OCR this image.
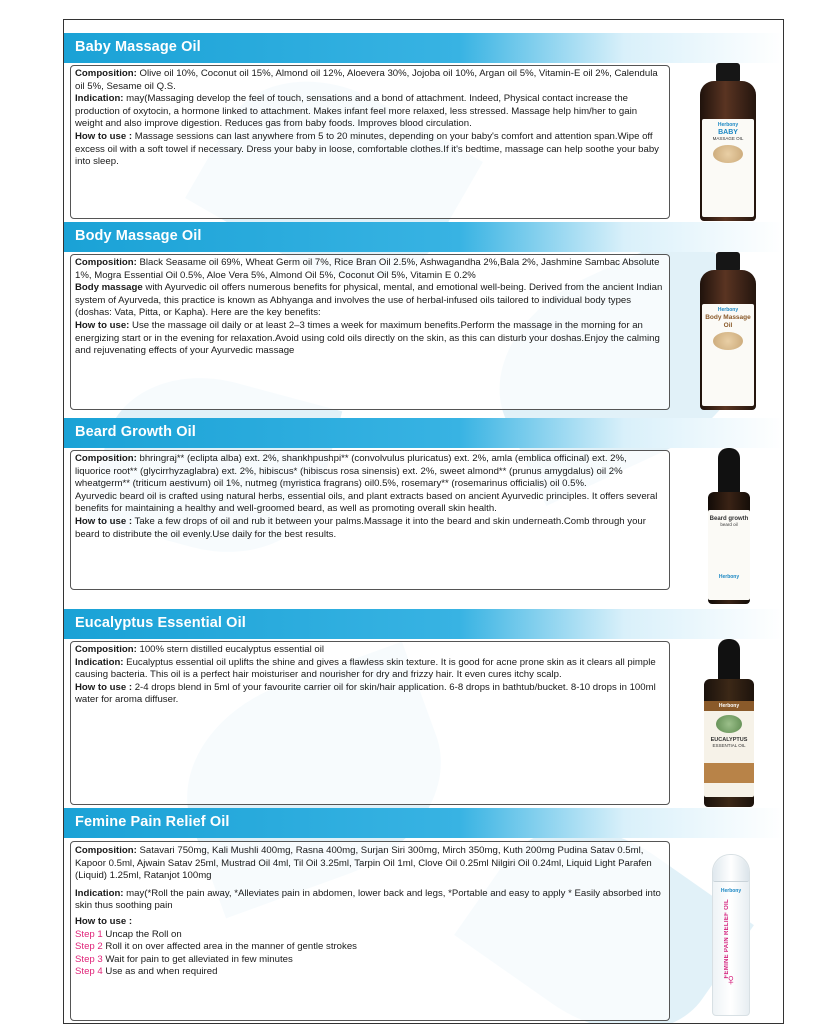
Baby Massage Oil

Composition: Olive oil 10%, Coconut oil 15%, Almond oil 12%, Aloevera 30%, Jojoba oil 10%, Argan oil 5%, Vitamin-E oil 2%, Calendula oil 5%, Sesame oil Q.S.

Indication: may(Massaging develop the feel of touch, sensations and a bond of attachment. Indeed, Physical contact increase the production of oxytocin, a hormone linked to attachment. Makes infant feel more relaxed, less stressed. Massage help him/her to gain weight and also improve digestion. Reduces gas from baby foods. Improves blood circulation.

How to use : Massage sessions can last anywhere from 5 to 20 minutes, depending on your baby's comfort and attention span.Wipe off excess oil with a soft towel if necessary. Dress your baby in loose, comfortable clothes.If it's bedtime, massage can help soothe your baby into sleep.

Herbony
BABY
MASSAGE OIL
Body Massage Oil

Composition: Black Seasame oil 69%, Wheat Germ oil 7%, Rice Bran Oil 2.5%, Ashwagandha 2%,Bala 2%, Jashmine Sambac Absolute 1%, Mogra Essential Oil 0.5%, Aloe Vera 5%, Almond Oil 5%, Coconut Oil 5%, Vitamin E 0.2%

Body massage with Ayurvedic oil offers numerous benefits for physical, mental, and emotional well-being. Derived from the ancient Indian system of Ayurveda, this practice is known as Abhyanga and involves the use of herbal-infused oils tailored to individual body types (doshas: Vata, Pitta, or Kapha). Here are the key benefits:

How to use: Use the massage oil daily or at least 2–3 times a week for maximum benefits.Perform the massage in the morning for an energizing start or in the evening for relaxation.Avoid using cold oils directly on the skin, as this can disturb your doshas.Enjoy the calming and rejuvenating effects of your Ayurvedic massage

Herbony
Body Massage
Oil
Beard Growth Oil

Composition: bhringraj** (eclipta alba) ext. 2%, shankhpushpi** (convolvulus pluricatus) ext. 2%, amla (emblica officinal) ext. 2%, liquorice root** (glycirrhyzaglabra) ext. 2%, hibiscus* (hibiscus rosa sinensis) ext. 2%, sweet almond** (prunus amygdalus) oil 2% wheatgerm** (triticum aestivum) oil 1%, nutmeg (myristica fragrans) oil0.5%, rosemary** (rosemarinus officialis) oil 0.5%.

Ayurvedic beard oil is crafted using natural herbs, essential oils, and plant extracts based on ancient Ayurvedic principles. It offers several benefits for maintaining a healthy and well-groomed beard, as well as promoting overall skin health.

How to use : Take a few drops of oil and rub it between your palms.Massage it into the beard and skin underneath.Comb through your beard to distribute the oil evenly.Use daily for the best results.

Beard growth
beard oil
Herbony
Eucalyptus Essential Oil

Composition: 100% stern distilled eucalyptus essential oil

Indication: Eucalyptus essential oil uplifts the shine and gives a flawless skin texture. It is good for acne prone skin as it clears all pimple causing bacteria. This oil is a perfect hair moisturiser and nourisher for dry and frizzy hair. It even cures itchy scalp.

How to use : 2-4 drops blend in 5ml of your favourite carrier oil for skin/hair application. 6-8 drops in bathtub/bucket. 8-10 drops in 100ml water for aroma diffuser.

Herbony
EUCALYPTUS
ESSENTIAL OIL
Femine Pain Relief Oil

Composition: Satavari 750mg, Kali Mushli 400mg, Rasna 400mg, Surjan Siri 300mg, Mirch 350mg, Kuth 200mg Pudina Satav 0.5ml, Kapoor 0.5ml, Ajwain Satav 25ml, Mustrad Oil 4ml, Til Oil 3.25ml, Tarpin Oil 1ml, Clove Oil 0.25ml Nilgiri Oil 0.24ml, Liquid Light Parafen (Liquid) 1.25ml, Ratanjot 100mg

Indication: may(*Roll the pain away, *Alleviates pain in abdomen, lower back and legs, *Portable and easy to apply * Easily absorbed into skin thus soothing pain

How to use :

Step 1 Uncap the Roll on

Step 2 Roll it on over affected area in the manner of gentle strokes

Step 3 Wait for pain to get alleviated in few minutes

Step 4 Use as and when required

Herbony
FEMINE PAIN RELIEF OIL
♀
